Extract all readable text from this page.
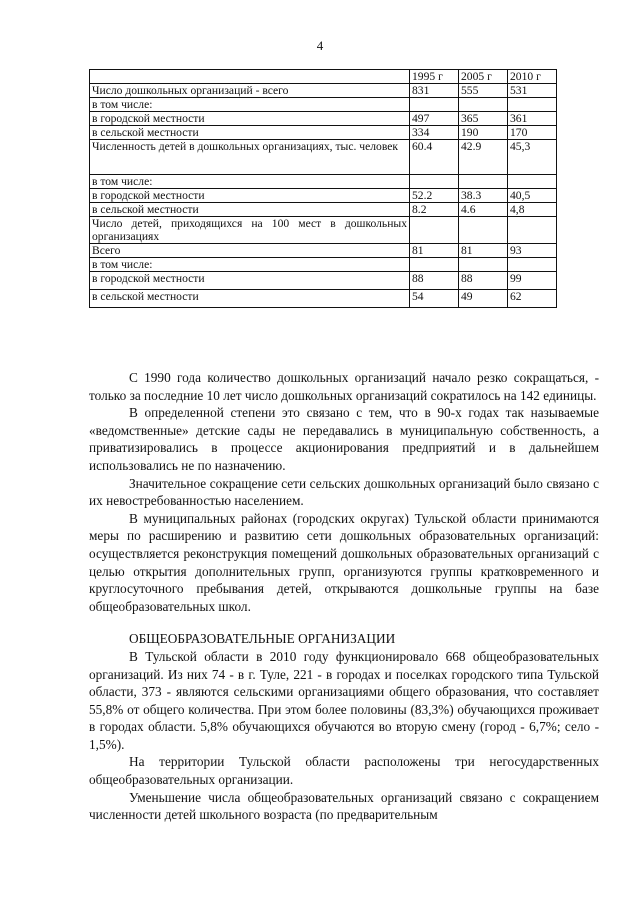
4
	1995 г	2005 г	2010 г
Число дошкольных организаций - всего	831	555	531
в том числе:			
в городской местности	497	365	361
в сельской местности	334	190	170
Численность детей в дошкольных организациях, тыс. человек	60.4	42.9	45,3
в том числе:			
в городской местности	52.2	38.3	40,5
в сельской местности	8.2	4.6	4,8
Число детей, приходящихся на 100 мест в дошкольных организациях			
Всего	81	81	93
в том числе:			
в городской местности	88	88	99
в сельской местности	54	49	62

С 1990 года количество дошкольных организаций начало резко сокращаться, - только за последние 10 лет число дошкольных организаций сократилось на 142 единицы.

В определенной степени это связано с тем, что в 90-х годах так называемые «ведомственные» детские сады не передавались в муниципальную собственность, а приватизировались в процессе акционирования предприятий и в дальнейшем использовались не по назначению.

Значительное сокращение сети сельских дошкольных организаций было связано с их невостребованностью населением.

В муниципальных районах (городских округах) Тульской области принимаются меры по расширению и развитию сети дошкольных образовательных организаций: осуществляется реконструкция помещений дошкольных образовательных организаций с целью открытия дополнительных групп, организуются группы кратковременного и круглосуточного пребывания детей, открываются дошкольные группы на базе общеобразовательных школ.

ОБЩЕОБРАЗОВАТЕЛЬНЫЕ ОРГАНИЗАЦИИ

В Тульской области в 2010 году функционировало 668 общеобразовательных организаций. Из них 74 - в г. Туле, 221 - в городах и поселках городского типа Тульской области, 373 - являются сельскими организациями общего образования, что составляет 55,8% от общего количества. При этом более половины (83,3%) обучающихся проживает в городах области. 5,8% обучающихся обучаются во вторую смену (город - 6,7%; село - 1,5%).

На территории Тульской области расположены три негосударственных общеобразовательных организации.

Уменьшение числа общеобразовательных организаций связано с сокращением численности детей школьного возраста (по предварительным
